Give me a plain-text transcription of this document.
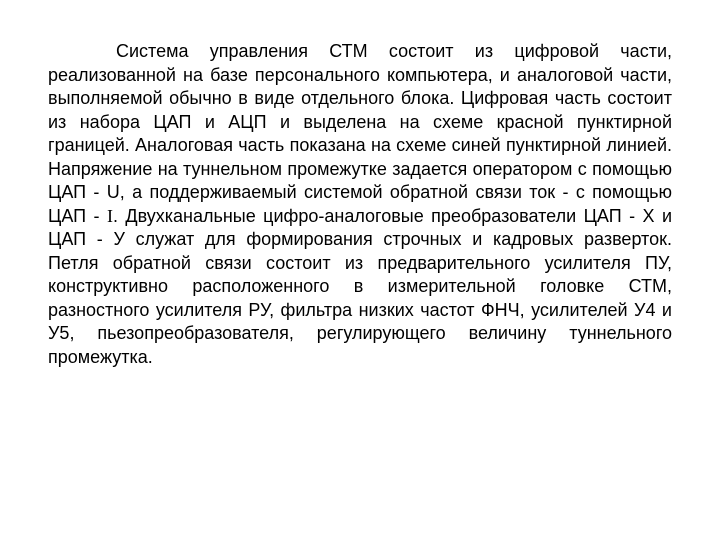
Система управления СТМ состоит из цифровой части, реализованной на базе персонального компьютера, и аналоговой части, выполняемой обычно в виде отдельного блока. Цифровая часть состоит из набора ЦАП и АЦП и выделена на схеме красной пунктирной границей. Аналоговая часть показана на схеме синей пунктирной линией. Напряжение на туннельном промежутке задается оператором с помощью ЦАП - U, а поддерживаемый системой обратной связи ток - с помощью ЦАП - I. Двухканальные цифро-аналоговые преобразователи ЦАП - X и ЦАП - У служат для формирования строчных и кадровых разверток. Петля обратной связи состоит из предварительного усилителя ПУ, конструктивно расположенного в измерительной головке СТМ, разностного усилителя РУ, фильтра низких частот ФНЧ, усилителей У4 и У5, пьезопреобразователя, регулирующего величину туннельного промежутка.
